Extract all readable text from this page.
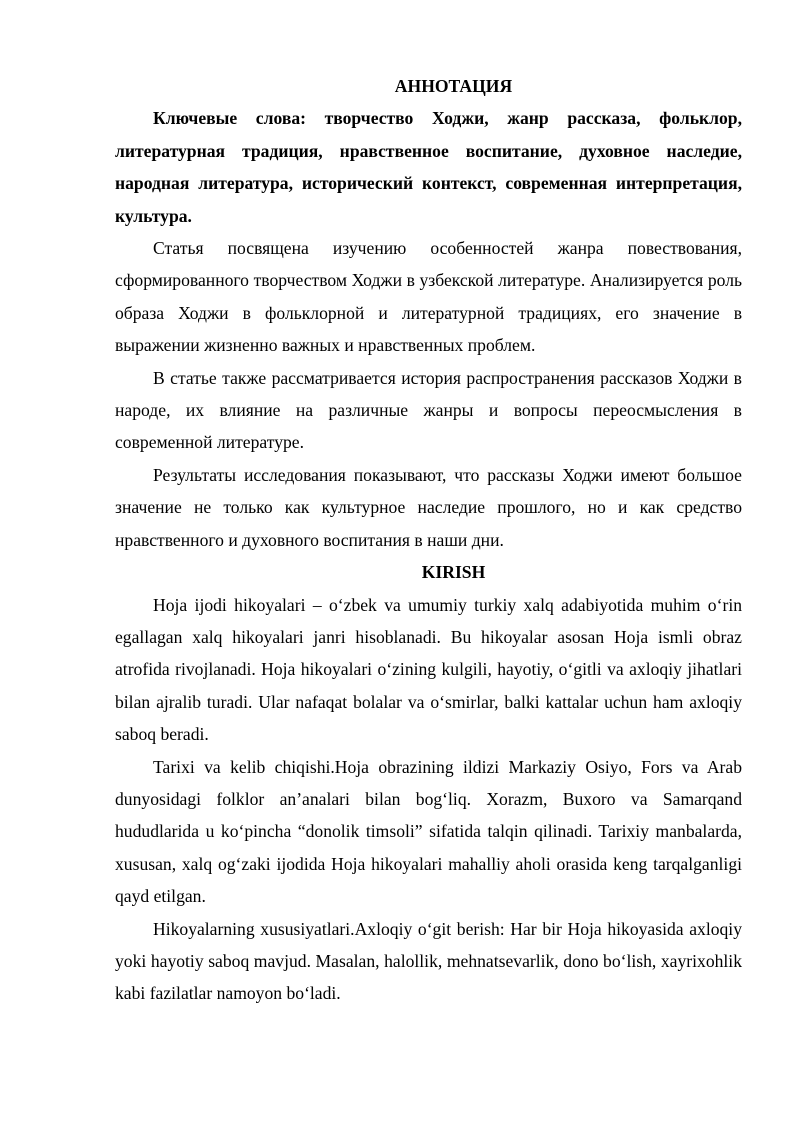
АННОТАЦИЯ

Ключевые слова: творчество Ходжи, жанр рассказа, фольклор, литературная традиция, нравственное воспитание, духовное наследие, народная литература, исторический контекст, современная интерпретация, культура.

Статья посвящена изучению особенностей жанра повествования, сформированного творчеством Ходжи в узбекской литературе. Анализируется роль образа Ходжи в фольклорной и литературной традициях, его значение в выражении жизненно важных и нравственных проблем.

В статье также рассматривается история распространения рассказов Ходжи в народе, их влияние на различные жанры и вопросы переосмысления в современной литературе.

Результаты исследования показывают, что рассказы Ходжи имеют большое значение не только как культурное наследие прошлого, но и как средство нравственного и духовного воспитания в наши дни.

KIRISH

Hoja ijodi hikoyalari – o‘zbek va umumiy turkiy xalq adabiyotida muhim o‘rin egallagan xalq hikoyalari janri hisoblanadi. Bu hikoyalar asosan Hoja ismli obraz atrofida rivojlanadi. Hoja hikoyalari o‘zining kulgili, hayotiy, o‘gitli va axloqiy jihatlari bilan ajralib turadi. Ular nafaqat bolalar va o‘smirlar, balki kattalar uchun ham axloqiy saboq beradi.

Tarixi va kelib chiqishi.Hoja obrazining ildizi Markaziy Osiyo, Fors va Arab dunyosidagi folklor an’analari bilan bog‘liq. Xorazm, Buxoro va Samarqand hududlarida u ko‘pincha “donolik timsoli” sifatida talqin qilinadi. Tarixiy manbalarda, xususan, xalq og‘zaki ijodida Hoja hikoyalari mahalliy aholi orasida keng tarqalganligi qayd etilgan.

Hikoyalarning xususiyatlari.Axloqiy o‘git berish: Har bir Hoja hikoyasida axloqiy yoki hayotiy saboq mavjud. Masalan, halollik, mehnatsevarlik, dono bo‘lish, xayrixohlik kabi fazilatlar namoyon bo‘ladi.
